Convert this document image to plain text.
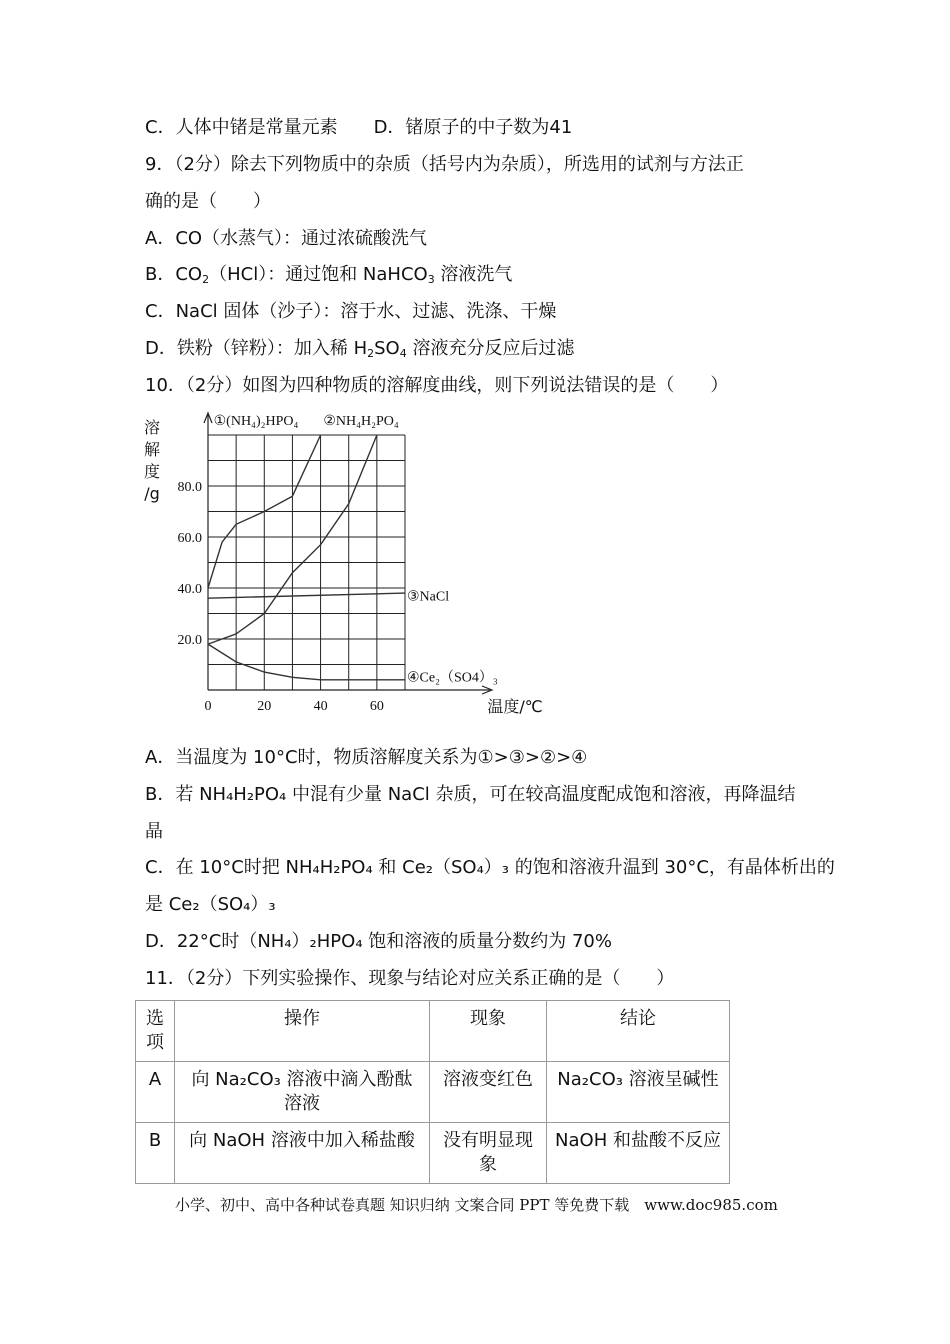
C．人体中锗是常量元素　　D．锗原子的中子数为41
9．（2分）除去下列物质中的杂质（括号内为杂质），所选用的试剂与方法正
确的是（　　）
A．CO（水蒸气）：通过浓硫酸洗气
B．$CO_2(HCl)$：通过饱和 NaHCO$_3$ 溶液洗气
C．NaCl 固体（沙子）：溶于水、过滤、洗涤、干燥
D．铁粉（锌粉）：加入稀 $H_2SO_4$ 溶液充分反应后过滤
10．（2分）如图为四种物质的溶解度曲线，则下列说法错误的是（　　）
0	20	40	60
20.0
40.0
60.0
80.0
溶
解
度
/g
温度/℃
①(NH₄)₂HPO₄ ②NH₄H₂PO₄
③NaCl
④Ce₂（SO4）₃
A．当温度为 10°C时，物质溶解度关系为①>③>②>④
B．若 NH₄H₂PO₄ 中混有少量 NaCl 杂质，可在较高温度配成饱和溶液，再降温结
晶
C．在 10°C时把 NH₄H₂PO₄ 和 Ce₂（SO₄）₃ 的饱和溶液升温到 30°C，有晶体析出的
是 Ce₂（SO₄）₃
D．22°C时（NH₄）₂HPO₄ 饱和溶液的质量分数约为 70%
11．（2分）下列实验操作、现象与结论对应关系正确的是（　　）
选项	操作	现象	结论
A	向 Na₂CO₃ 溶液中滴入酚酞溶液	溶液变红色	Na₂CO₃ 溶液呈碱性
B	向 NaOH 溶液中加入稀盐酸	没有明显现象	NaOH 和盐酸不反应
小学、初中、高中各种试卷真题 知识归纳 文案合同 PPT 等免费下载　www.doc985.com
